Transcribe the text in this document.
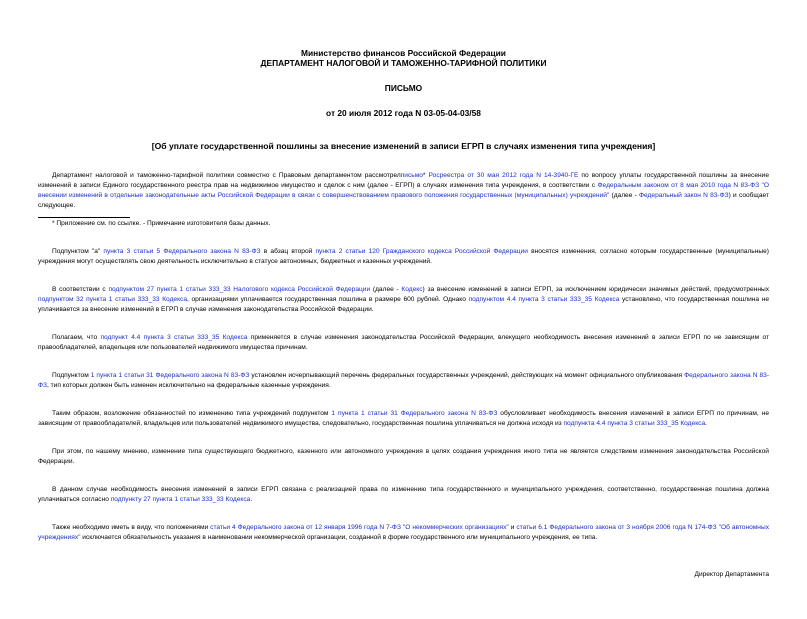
Министерство финансов Российской Федерации
ДЕПАРТАМЕНТ НАЛОГОВОЙ И ТАМОЖЕННО-ТАРИФНОЙ ПОЛИТИКИ
ПИСЬМО
от 20 июля 2012 года N 03-05-04-03/58
[Об уплате государственной пошлины за внесение изменений в записи ЕГРП в случаях изменения типа учреждения]

Департамент налоговой и таможенно-тарифной политики совместно с Правовым департаментом рассмотрелписьмо* Росреестра от 30 мая 2012 года N 14-3940-ГЕ по вопросу уплаты государственной пошлины за внесение изменений в записи Единого государственного реестра прав на недвижимое имущество и сделок с ним (далее - ЕГРП) в случаях изменения типа учреждения, в соответствии с Федеральным законом от 8 мая 2010 года N 83-ФЗ "О внесении изменений в отдельные законодательные акты Российской Федерации в связи с совершенствованием правового положения государственных (муниципальных) учреждений" (далее - Федеральный закон N 83-ФЗ) и сообщает следующее.

* Приложение см. по ссылке. - Примечание изготовителя базы данных.

Подпунктом "а" пункта 3 статьи 5 Федерального закона N 83-ФЗ в абзац второй пункта 2 статьи 120 Гражданского кодекса Российской Федерации вносятся изменения, согласно которым государственные (муниципальные) учреждения могут осуществлять свою деятельность исключительно в статусе автономных, бюджетных и казенных учреждений.

В соответствии с подпунктом 27 пункта 1 статьи 333_33 Налогового кодекса Российской Федерации (далее - Кодекс) за внесение изменений в записи ЕГРП, за исключением юридически значимых действий, предусмотренных подпунктом 32 пункта 1 статьи 333_33 Кодекса, организациями уплачивается государственная пошлина в размере 600 рублей. Однако подпунктом 4.4 пункта 3 статьи 333_35 Кодекса установлено, что государственная пошлина не уплачивается за внесение изменений в ЕГРП в случае изменения законодательства Российской Федерации.

Полагаем, что подпункт 4.4 пункта 3 статьи 333_35 Кодекса применяется в случае изменения законодательства Российской Федерации, влекущего необходимость внесения изменений в записи ЕГРП по не зависящим от правообладателей, владельцев или пользователей недвижимого имущества причинам.

Подпунктом 1 пункта 1 статьи 31 Федерального закона N 83-ФЗ установлен исчерпывающий перечень федеральных государственных учреждений, действующих на момент официального опубликования Федерального закона N 83-ФЗ, тип которых должен быть изменен исключительно на федеральные казенные учреждения.

Таким образом, возложение обязанностей по изменению типа учреждений подпунктом 1 пункта 1 статьи 31 Федерального закона N 83-ФЗ обусловливает необходимость внесения изменений в записи ЕГРП по причинам, не зависящим от правообладателей, владельцев или пользователей недвижимого имущества, следовательно, государственная пошлина уплачиваться не должна исходя из подпункта 4.4 пункта 3 статьи 333_35 Кодекса.

При этом, по нашему мнению, изменение типа существующего бюджетного, казенного или автономного учреждения в целях создания учреждения иного типа не является следствием изменения законодательства Российской Федерации.

В данном случае необходимость внесения изменений в записи ЕГРП связана с реализацией права по изменению типа государственного и муниципального учреждения, соответственно, государственная пошлина должна уплачиваться согласно подпункту 27 пункта 1 статьи 333_33 Кодекса.

Также необходимо иметь в виду, что положениями статьи 4 Федерального закона от 12 января 1996 года N 7-ФЗ "О некоммерческих организациях" и статьи 6.1 Федерального закона от 3 ноября 2006 года N 174-ФЗ "Об автономных учреждениях" исключается обязательность указания в наименовании некоммерческой организации, созданной в форме государственного или муниципального учреждения, ее типа.

Директор Департамента
